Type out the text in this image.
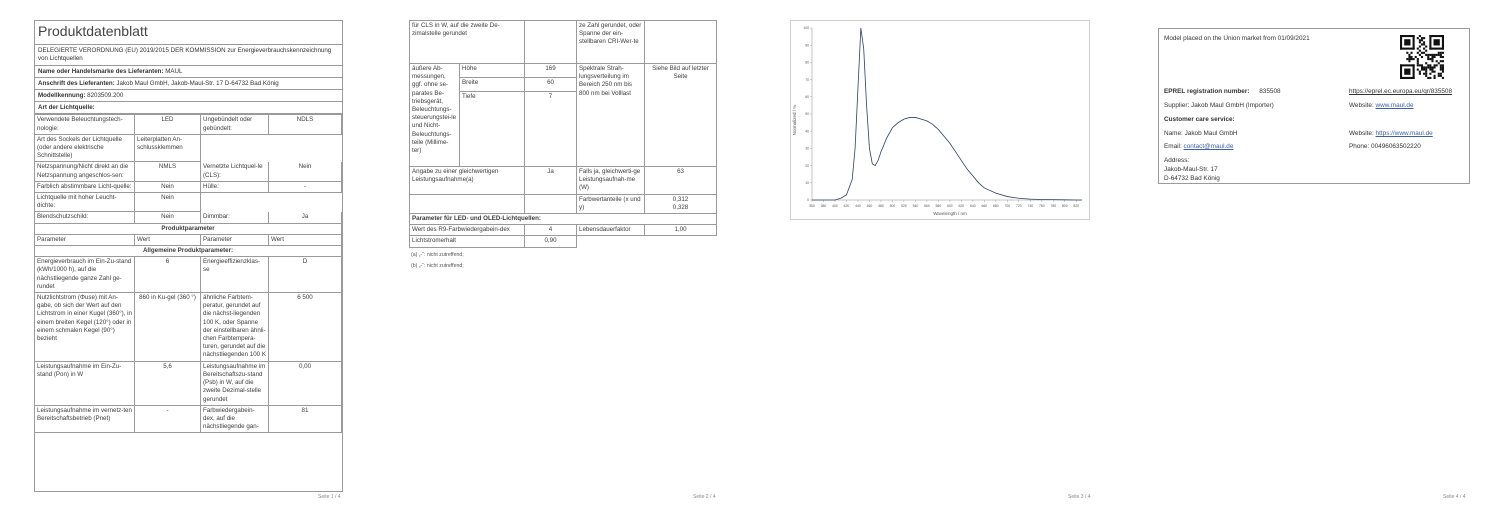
Produktdatenblatt
DELEGIERTE VERORDNUNG (EU) 2019/2015 DER KOMMISSION zur Energieverbrauchskennzeichnung von Lichtquellen
Name oder Handelsmarke des Lieferanten: MAUL
Anschrift des Lieferanten: Jakob Maul GmbH, Jakob-Maul-Str. 17 D-64732 Bad König
Modellkennung: 8203509.200
Art der Lichtquelle:
Verwendete Beleuchtungstech-nologie:	LED	Ungebündelt oder gebündelt:	NDLS
Art des Sockels der Lichtquelle (oder andere elektrische Schnittstelle)	Leiterplatten An-schlussklemmen		
Netzspannung/Nicht direkt an die Netzspannung angeschlos-sen:	NMLS	Vernetzte Lichtquel-le (CLS):	Nein
Farblich abstimmbare Licht-quelle:	Nein	Hülle:	-
Lichtquelle mit hoher Leucht-dichte:	Nein		
Blendschutzschild:	Nein	Dimmbar:	Ja
Produktparameter			
Parameter	Wert	Parameter	Wert
Allgemeine Produktparameter:			
Energieverbrauch im Ein-Zu-stand (kWh/1000 h), auf die nächstliegende ganze Zahl ge-rundet	6	Energieeffizienzklas-se	D
Nutzlichtstrom (Φuse) mit An-gabe, ob sich der Wert auf den Lichtstrom in einer Kugel (360°), in einem breiten Kegel (120°) oder in einem schmalen Kegel (90°) bezieht	860 in Ku-gel (360 °)	ähnliche Farbtem-peratur, gerundet auf die nächst-liegenden 100 K, oder Spanne der einstellbaren ähnli-chen Farbtempera-turen, gerundet auf die nächstliegenden 100 K	6 500
Leistungsaufnahme im Ein-Zu-stand (Pon) in W	5,6	Leistungsaufnahme im Bereitschaftszu-stand (Psb) in W, auf die zweite Dezimal-stelle gerundet	0,00
Leistungsaufnahme im vernetz-ten Bereitschaftsbetrieb (Pnet)	-	Farbwiedergabein-dex, auf die nächstliegende gan-	81
Seite 1 / 4
für CLS in W, auf die zweite De-zimalstelle gerundet			ze Zahl gerundet, oder Spanne der ein-stellbaren CRI-Wer-te	
äußere Ab-messungen, ggf. ohne se-parates Be-triebsgerät, Beleuchtungs-steuerungstei-le und Nicht-Beleuchtungs-teile (Millime-ter)	Höhe	169	Spektrale Strah-lungsverteilung im Bereich 250 nm bis 800 nm bei Volllast	Siehe Bild auf letzter Seite
	Breite	60		
	Tiefe	7		
Angabe zu einer gleichwertigen Leistungsaufnahme(a)		Ja	Falls ja, gleichwerti-ge Leistungsaufnah-me (W)	63
			Farbwertanteile (x und y)	0,312
0,328

Parameter für LED- und OLED-Lichtquellen:				
Wert des R9-Farbwiedergabein-dex		4	Lebensdauerfaktor	1,00
Lichtstromerhalt		0,90		
(a) „-“: nicht zutreffend;
(b) „-“: nicht zutreffend;
Seite 2 / 4
360 380 400 420 440 460 480 500 520 540 560 580 600 620 640 660 680 700 720 740 760 780 800 820
0
10
20
30
40
50
60
70
80
90
100
Wavelength / nm
Normalized / %
Seite 3 / 4
Model placed on the Union market from 01/09/2021
EPREL registration number: 835508	https://eprel.ec.europa.eu/qr/835508
Supplier: Jakob Maul GmbH (Importer)	Website: www.maul.de
Customer care service:
Name: Jakob Maul GmbH	Website: https://www.maul.de
Email: contact@maul.de	Phone: 00496063502220
Address:
Jakob-Maul-Str. 17
D-64732 Bad König
Seite 4 / 4
